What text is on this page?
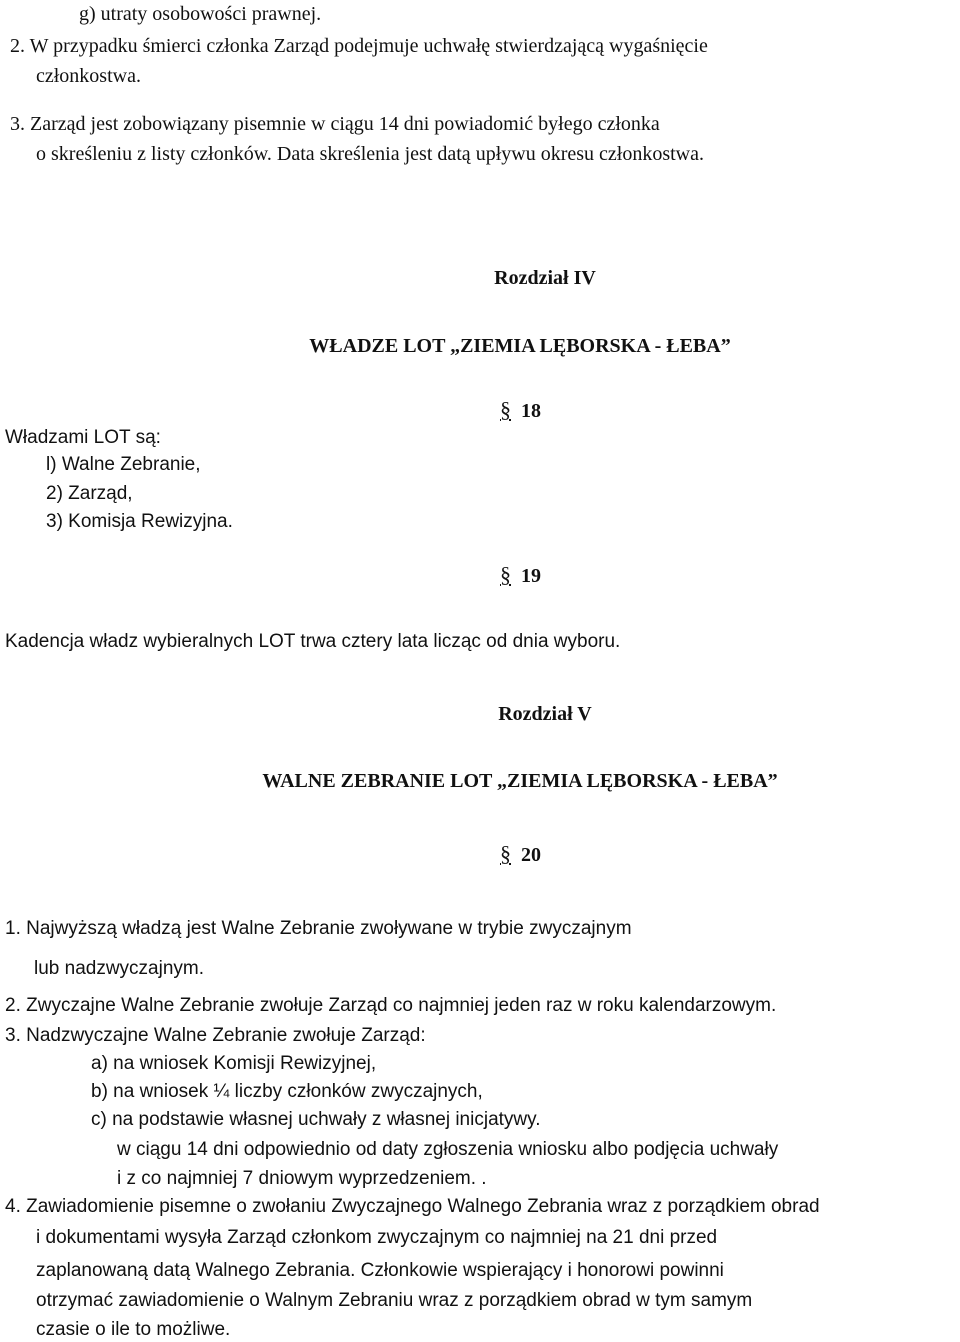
g) utraty osobowości prawnej.
2. W przypadku śmierci członka Zarząd podejmuje uchwałę stwierdzającą wygaśnięcie
członkostwa.
3. Zarząd jest zobowiązany pisemnie w ciągu 14 dni powiadomić byłego członka
o skreśleniu z listy członków. Data skreślenia jest datą upływu okresu członkostwa.
Rozdział IV
WŁADZE LOT „ZIEMIA LĘBORSKA - ŁEBA”
§ 18
Władzami LOT są:
l) Walne Zebranie,
2) Zarząd,
3) Komisja Rewizyjna.
§ 19
Kadencja władz wybieralnych LOT trwa cztery lata licząc od dnia wyboru.
Rozdział V
WALNE ZEBRANIE LOT „ZIEMIA LĘBORSKA - ŁEBA”
§ 20
1. Najwyższą władzą jest Walne Zebranie zwoływane w trybie zwyczajnym
lub nadzwyczajnym.
2. Zwyczajne Walne Zebranie zwołuje Zarząd co najmniej jeden raz w roku kalendarzowym.
3. Nadzwyczajne Walne Zebranie zwołuje Zarząd:
a) na wniosek Komisji Rewizyjnej,
b) na wniosek ¼ liczby członków zwyczajnych,
c) na podstawie własnej uchwały z własnej inicjatywy.
w ciągu 14 dni odpowiednio od daty zgłoszenia wniosku albo podjęcia uchwały
i z co najmniej 7 dniowym wyprzedzeniem. .
4. Zawiadomienie pisemne o zwołaniu Zwyczajnego Walnego Zebrania wraz z porządkiem obrad
i dokumentami wysyła Zarząd członkom zwyczajnym co najmniej na 21 dni przed
zaplanowaną datą Walnego Zebrania. Członkowie wspierający i honorowi powinni
otrzymać zawiadomienie o Walnym Zebraniu wraz z porządkiem obrad w tym samym
czasie o ile to możliwe.
